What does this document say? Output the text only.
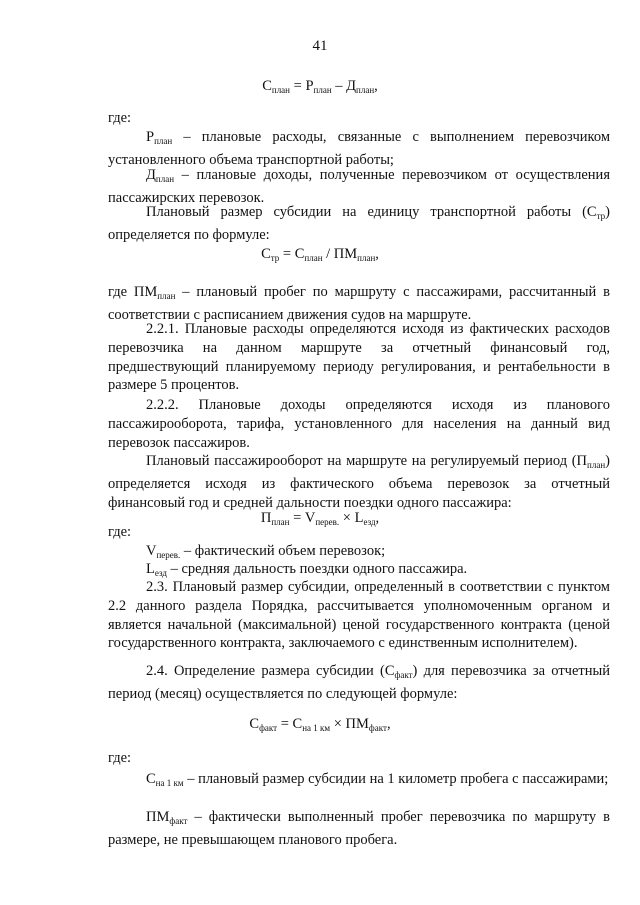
41
$С_{план} = Р_{план} - Д_{план}$,
где:
$Р_{план}$ – плановые расходы, связанные с выполнением перевозчиком установленного объема транспортной работы;
$Д_{план}$ – плановые доходы, полученные перевозчиком от осуществления пассажирских перевозок.
Плановый размер субсидии на единицу транспортной работы $(С_{тр})$ определяется по формуле:
$С_{тр} = С_{план} / ПМ_{план}$,
где $ПМ_{план}$ – плановый пробег по маршруту с пассажирами, рассчитанный в соответствии с расписанием движения судов на маршруте.
2.2.1. Плановые расходы определяются исходя из фактических расходов перевозчика на данном маршруте за отчетный финансовый год, предшествующий планируемому периоду регулирования, и рентабельности в размере 5 процентов.
2.2.2. Плановые доходы определяются исходя из планового пассажирооборота, тарифа, установленного для населения на данный вид перевозок пассажиров.
Плановый пассажирооборот на маршруте на регулируемый период $(П_{план})$ определяется исходя из фактического объема перевозок за отчетный финансовый год и средней дальности поездки одного пассажира:
$П_{план} = V_{перев.} \times L_{езд}$,
где:
$V_{перев.}$ – фактический объем перевозок;
$L_{езд}$ – средняя дальность поездки одного пассажира.
2.3. Плановый размер субсидии, определенный в соответствии с пунктом 2.2 данного раздела Порядка, рассчитывается уполномоченным органом и является начальной (максимальной) ценой государственного контракта (ценой государственного контракта, заключаемого с единственным исполнителем).
2.4. Определение размера субсидии $(С_{факт})$ для перевозчика за отчетный период (месяц) осуществляется по следующей формуле:
$С_{факт} = С_{на 1 км} \times ПМ_{факт}$,
где:
$С_{на 1 км}$ – плановый размер субсидии на 1 километр пробега с пассажирами;
$ПМ_{факт}$ – фактически выполненный пробег перевозчика по маршруту в размере, не превышающем планового пробега.
